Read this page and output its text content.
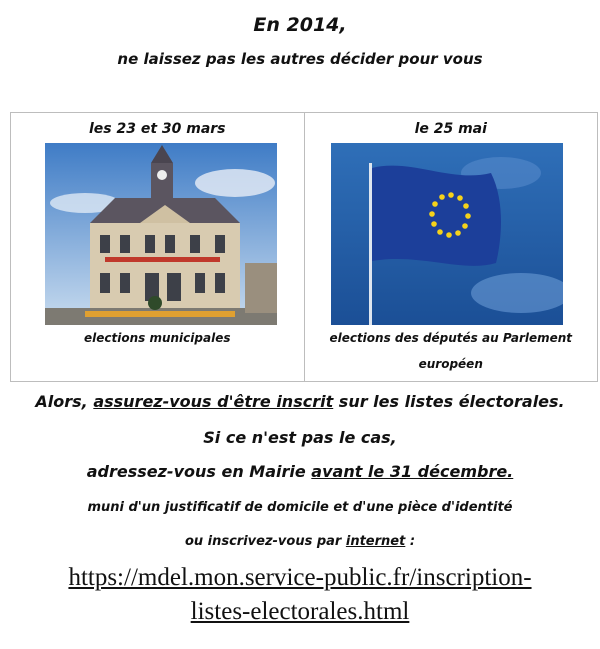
En 2014,
ne laissez pas les autres décider pour vous
les 23 et 30 mars
elections municipales
le 25 mai
elections des députés au Parlement
européen
Alors, assurez-vous d'être inscrit sur les listes électorales.
Si ce n'est pas le cas,
adressez-vous en Mairie avant le 31 décembre.
muni d'un justificatif de domicile et d'une pièce d'identité
ou inscrivez-vous par internet :
https://mdel.mon.service-public.fr/inscription-
listes-electorales.html
